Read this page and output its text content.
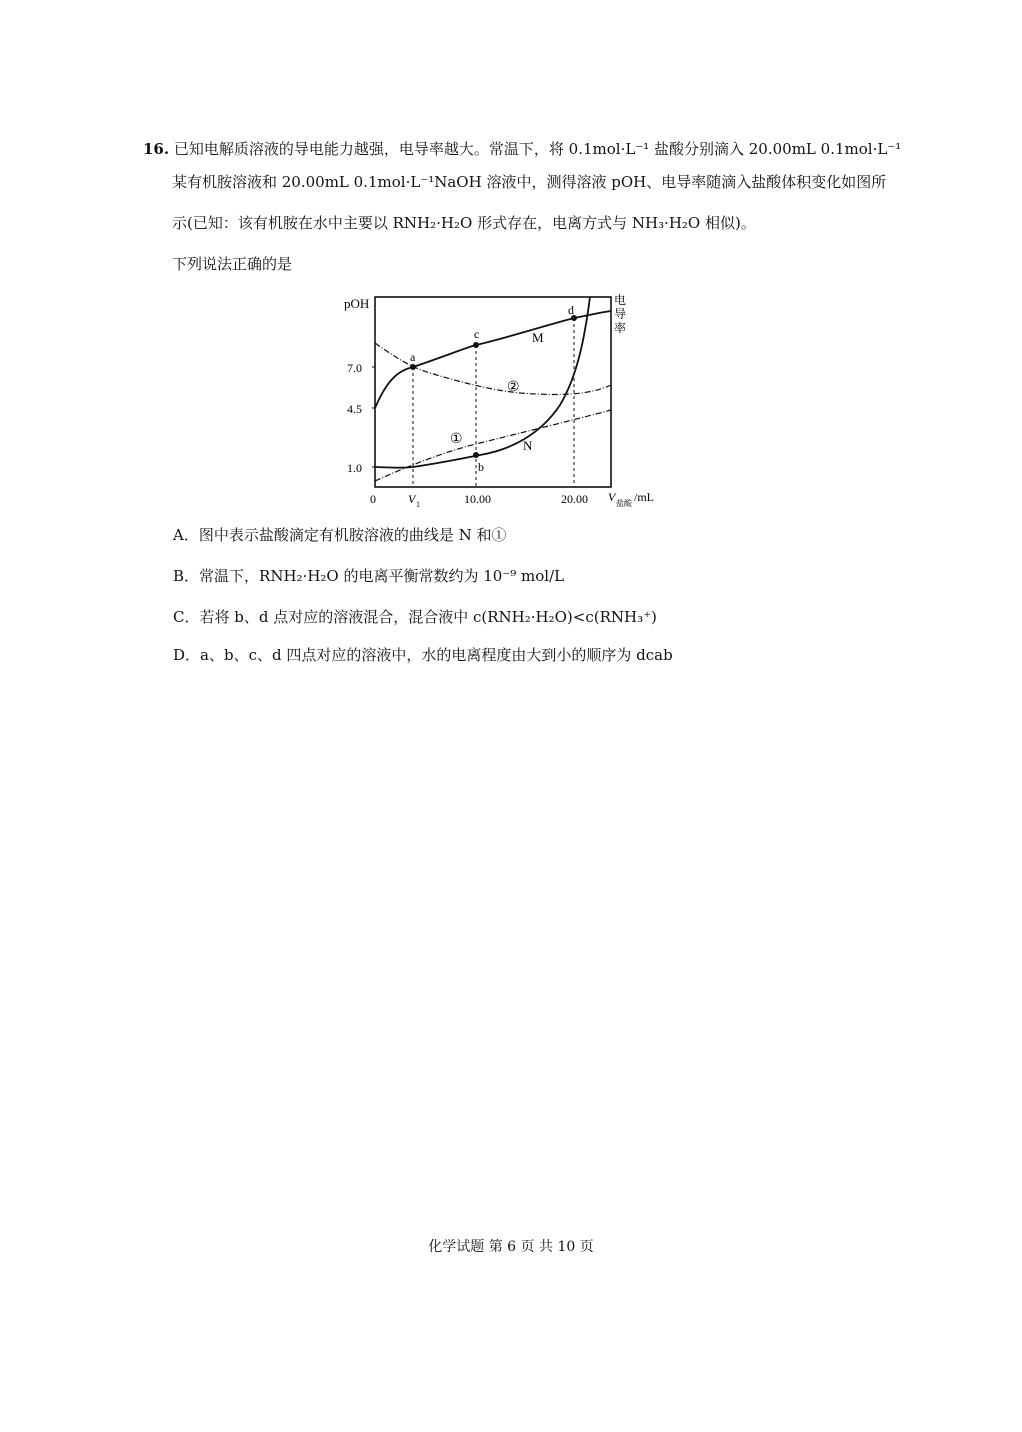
16. 已知电解质溶液的导电能力越强，电导率越大。常温下，将 0.1mol·L⁻¹ 盐酸分别滴入 20.00mL 0.1mol·L⁻¹
某有机胺溶液和 20.00mL 0.1mol·L⁻¹NaOH 溶液中，测得溶液 pOH、电导率随滴入盐酸体积变化如图所
示(已知：该有机胺在水中主要以 RNH₂·H₂O 形式存在，电离方式与 NH₃·H₂O 相似)。
下列说法正确的是
a
b
c
d
M
N
①
②
pOH	电
导
率
7.0
4.5
1.0
0	V 1	10.00	20.00 V 盐酸 /mL
A．图中表示盐酸滴定有机胺溶液的曲线是 N 和①
B．常温下，RNH₂·H₂O 的电离平衡常数约为 10⁻⁹ mol/L
C．若将 b、d 点对应的溶液混合，混合液中 c(RNH₂·H₂O)<c(RNH₃⁺)
D．a、b、c、d 四点对应的溶液中，水的电离程度由大到小的顺序为 dcab
化学试题 第 6 页 共 10 页
